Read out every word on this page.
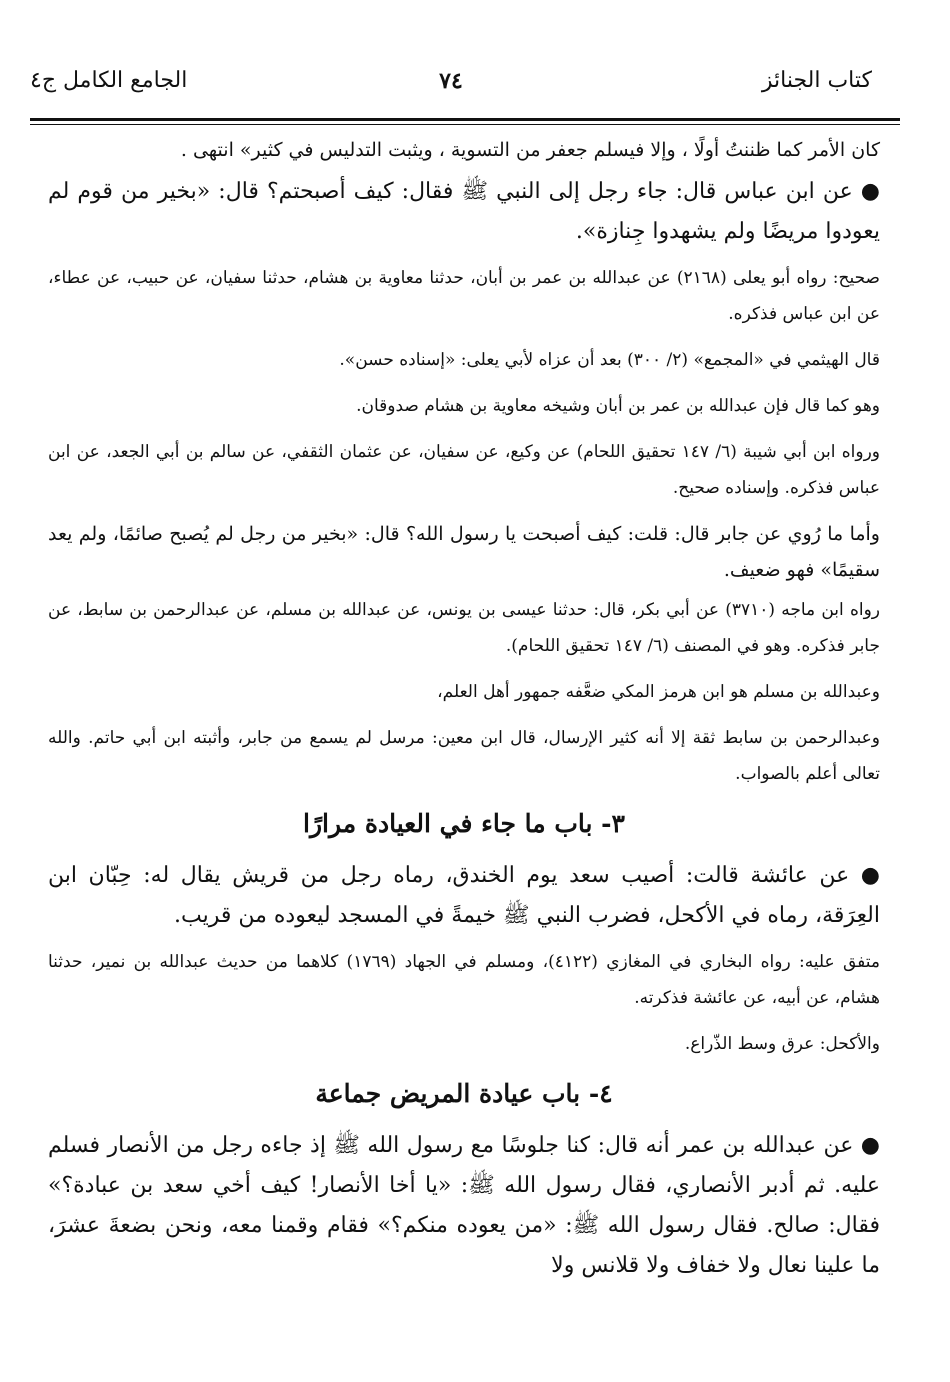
كتاب الجنائز
٧٤
الجامع الكامل ج٤

كان الأمر كما ظننتُ أولًا ، وإلا فيسلم جعفر من التسوية ، ويثبت التدليس في كثير» انتهى .

● عن ابن عباس قال: جاء رجل إلى النبي ﷺ فقال: كيف أصبحتم؟ قال: «بخير من قوم لم يعودوا مريضًا ولم يشهدوا جِنازة».

صحيح: رواه أبو يعلى (٢١٦٨) عن عبدالله بن عمر بن أبان، حدثنا معاوية بن هشام، حدثنا سفيان، عن حبيب، عن عطاء، عن ابن عباس فذكره.

قال الهيثمي في «المجمع» (٢/ ٣٠٠) بعد أن عزاه لأبي يعلى: «إسناده حسن».

وهو كما قال فإن عبدالله بن عمر بن أبان وشيخه معاوية بن هشام صدوقان.

ورواه ابن أبي شيبة (٦/ ١٤٧ تحقيق اللحام) عن وكيع، عن سفيان، عن عثمان الثقفي، عن سالم بن أبي الجعد، عن ابن عباس فذكره. وإسناده صحيح.

وأما ما رُوي عن جابر قال: قلت: كيف أصبحت يا رسول الله؟ قال: «بخير من رجل لم يُصبح صائمًا، ولم يعد سقيمًا» فهو ضعيف.

رواه ابن ماجه (٣٧١٠) عن أبي بكر، قال: حدثنا عيسى بن يونس، عن عبدالله بن مسلم، عن عبدالرحمن بن سابط، عن جابر فذكره. وهو في المصنف (٦/ ١٤٧ تحقيق اللحام).

وعبدالله بن مسلم هو ابن هرمز المكي ضعَّفه جمهور أهل العلم،

وعبدالرحمن بن سابط ثقة إلا أنه كثير الإرسال، قال ابن معين: مرسل لم يسمع من جابر، وأثبته ابن أبي حاتم. والله تعالى أعلم بالصواب.

٣- باب ما جاء في العيادة مرارًا

● عن عائشة قالت: أصيب سعد يوم الخندق، رماه رجل من قريش يقال له: حِبّان ابن العِرَقة، رماه في الأكحل، فضرب النبي ﷺ خيمةً في المسجد ليعوده من قريب.

متفق عليه: رواه البخاري في المغازي (٤١٢٢)، ومسلم في الجهاد (١٧٦٩) كلاهما من حديث عبدالله بن نمير، حدثنا هشام، عن أبيه، عن عائشة فذكرته.

والأكحل: عرق وسط الذّراع.

٤- باب عيادة المريض جماعة

● عن عبدالله بن عمر أنه قال: كنا جلوسًا مع رسول الله ﷺ إذ جاءه رجل من الأنصار فسلم عليه. ثم أدبر الأنصاري، فقال رسول الله ﷺ: «يا أخا الأنصار! كيف أخي سعد بن عبادة؟» فقال: صالح. فقال رسول الله ﷺ: «من يعوده منكم؟» فقام وقمنا معه، ونحن بضعةَ عشرَ، ما علينا نعال ولا خفاف ولا قلانس ولا
